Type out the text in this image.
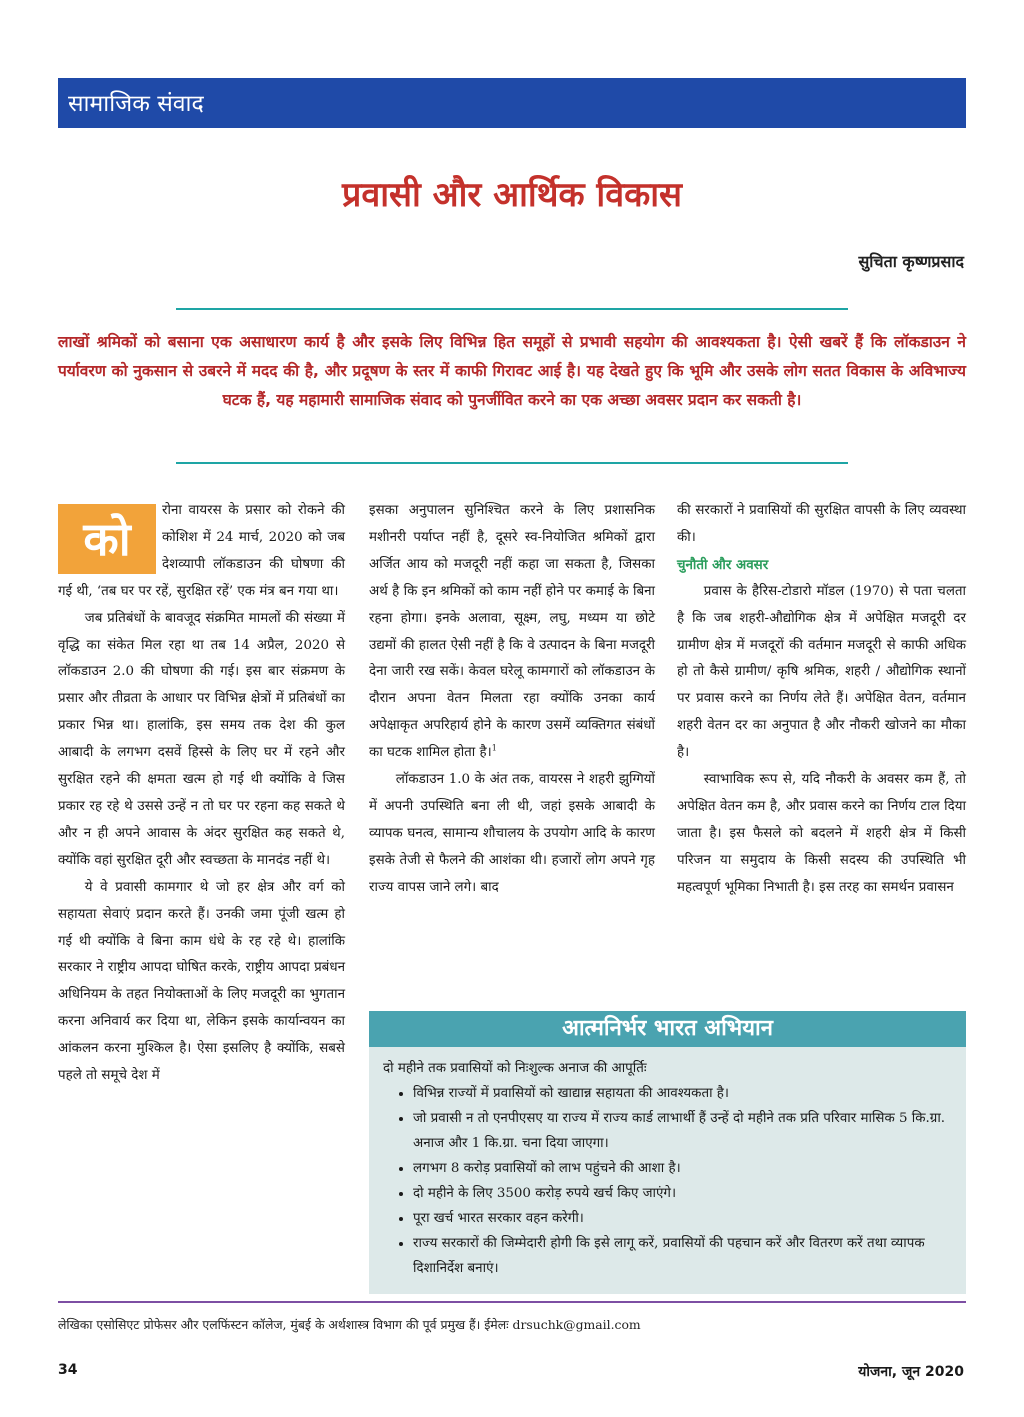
सामाजिक संवाद
प्रवासी और आर्थिक विकास
सुचिता कृष्णप्रसाद
लाखों श्रमिकों को बसाना एक असाधारण कार्य है और इसके लिए विभिन्न हित समूहों से प्रभावी सहयोग की आवश्यकता है। ऐसी खबरें हैं कि लॉकडाउन ने पर्यावरण को नुकसान से उबरने में मदद की है, और प्रदूषण के स्तर में काफी गिरावट आई है। यह देखते हुए कि भूमि और उसके लोग सतत विकास के अविभाज्य घटक हैं, यह महामारी सामाजिक संवाद को पुनर्जीवित करने का एक अच्छा अवसर प्रदान कर सकती है।
को

रोना वायरस के प्रसार को रोकने की कोशिश में 24 मार्च, 2020 को जब देशव्यापी लॉकडाउन की घोषणा की गई थी, ‘तब घर पर रहें, सुरक्षित रहें’ एक मंत्र बन गया था।

जब प्रतिबंधों के बावजूद संक्रमित मामलों की संख्या में वृद्धि का संकेत मिल रहा था तब 14 अप्रैल, 2020 से लॉकडाउन 2.0 की घोषणा की गई। इस बार संक्रमण के प्रसार और तीव्रता के आधार पर विभिन्न क्षेत्रों में प्रतिबंधों का प्रकार भिन्न था। हालांकि, इस समय तक देश की कुल आबादी के लगभग दसवें हिस्से के लिए घर में रहने और सुरक्षित रहने की क्षमता खत्म हो गई थी क्योंकि वे जिस प्रकार रह रहे थे उससे उन्हें न तो घर पर रहना कह सकते थे और न ही अपने आवास के अंदर सुरक्षित कह सकते थे, क्योंकि वहां सुरक्षित दूरी और स्वच्छता के मानदंड नहीं थे।

ये वे प्रवासी कामगार थे जो हर क्षेत्र और वर्ग को सहायता सेवाएं प्रदान करते हैं। उनकी जमा पूंजी खत्म हो गई थी क्योंकि वे बिना काम धंधे के रह रहे थे। हालांकि सरकार ने राष्ट्रीय आपदा घोषित करके, राष्ट्रीय आपदा प्रबंधन अधिनियम के तहत नियोक्ताओं के लिए मजदूरी का भुगतान करना अनिवार्य कर दिया था, लेकिन इसके कार्यान्वयन का आंकलन करना मुश्किल है। ऐसा इसलिए है क्योंकि, सबसे पहले तो समूचे देश में

इसका अनुपालन सुनिश्चित करने के लिए प्रशासनिक मशीनरी पर्याप्त नहीं है, दूसरे स्व-नियोजित श्रमिकों द्वारा अर्जित आय को मजदूरी नहीं कहा जा सकता है, जिसका अर्थ है कि इन श्रमिकों को काम नहीं होने पर कमाई के बिना रहना होगा। इनके अलावा, सूक्ष्म, लघु, मध्यम या छोटे उद्यमों की हालत ऐसी नहीं है कि वे उत्पादन के बिना मजदूरी देना जारी रख सकें। केवल घरेलू कामगारों को लॉकडाउन के दौरान अपना वेतन मिलता रहा क्योंकि उनका कार्य अपेक्षाकृत अपरिहार्य होने के कारण उसमें व्यक्तिगत संबंधों का घटक शामिल होता है।$^1$

लॉकडाउन 1.0 के अंत तक, वायरस ने शहरी झुग्गियों में अपनी उपस्थिति बना ली थी, जहां इसके आबादी के व्यापक घनत्व, सामान्य शौचालय के उपयोग आदि के कारण इसके तेजी से फैलने की आशंका थी। हजारों लोग अपने गृह राज्य वापस जाने लगे। बाद

की सरकारों ने प्रवासियों की सुरक्षित वापसी के लिए व्यवस्था की।

चुनौती और अवसर

प्रवास के हैरिस-टोडारो मॉडल (1970) से पता चलता है कि जब शहरी-औद्योगिक क्षेत्र में अपेक्षित मजदूरी दर ग्रामीण क्षेत्र में मजदूरों की वर्तमान मजदूरी से काफी अधिक हो तो कैसे ग्रामीण/ कृषि श्रमिक, शहरी / औद्योगिक स्थानों पर प्रवास करने का निर्णय लेते हैं। अपेक्षित वेतन, वर्तमान शहरी वेतन दर का अनुपात है और नौकरी खोजने का मौका है।

स्वाभाविक रूप से, यदि नौकरी के अवसर कम हैं, तो अपेक्षित वेतन कम है, और प्रवास करने का निर्णय टाल दिया जाता है। इस फैसले को बदलने में शहरी क्षेत्र में किसी परिजन या समुदाय के किसी सदस्य की उपस्थिति भी महत्वपूर्ण भूमिका निभाती है। इस तरह का समर्थन प्रवासन

आत्मनिर्भर भारत अभियान
दो महीने तक प्रवासियों को निःशुल्क अनाज की आपूर्तिः
• विभिन्न राज्यों में प्रवासियों को खाद्यान्न सहायता की आवश्यकता है।
• जो प्रवासी न तो एनपीएसए या राज्य में राज्य कार्ड लाभार्थी हैं उन्हें दो महीने तक प्रति परिवार मासिक 5 कि.ग्रा. अनाज और 1 कि.ग्रा. चना दिया जाएगा।
• लगभग 8 करोड़ प्रवासियों को लाभ पहुंचने की आशा है।
• दो महीने के लिए 3500 करोड़ रुपये खर्च किए जाएंगे।
• पूरा खर्च भारत सरकार वहन करेगी।
• राज्य सरकारों की जिम्मेदारी होगी कि इसे लागू करें, प्रवासियों की पहचान करें और वितरण करें तथा व्यापक दिशानिर्देश बनाएं।
लेखिका एसोसिएट प्रोफेसर और एलफिंस्टन कॉलेज, मुंबई के अर्थशास्त्र विभाग की पूर्व प्रमुख हैं। ईमेलः drsuchk@gmail.com
34	योजना, जून 2020
